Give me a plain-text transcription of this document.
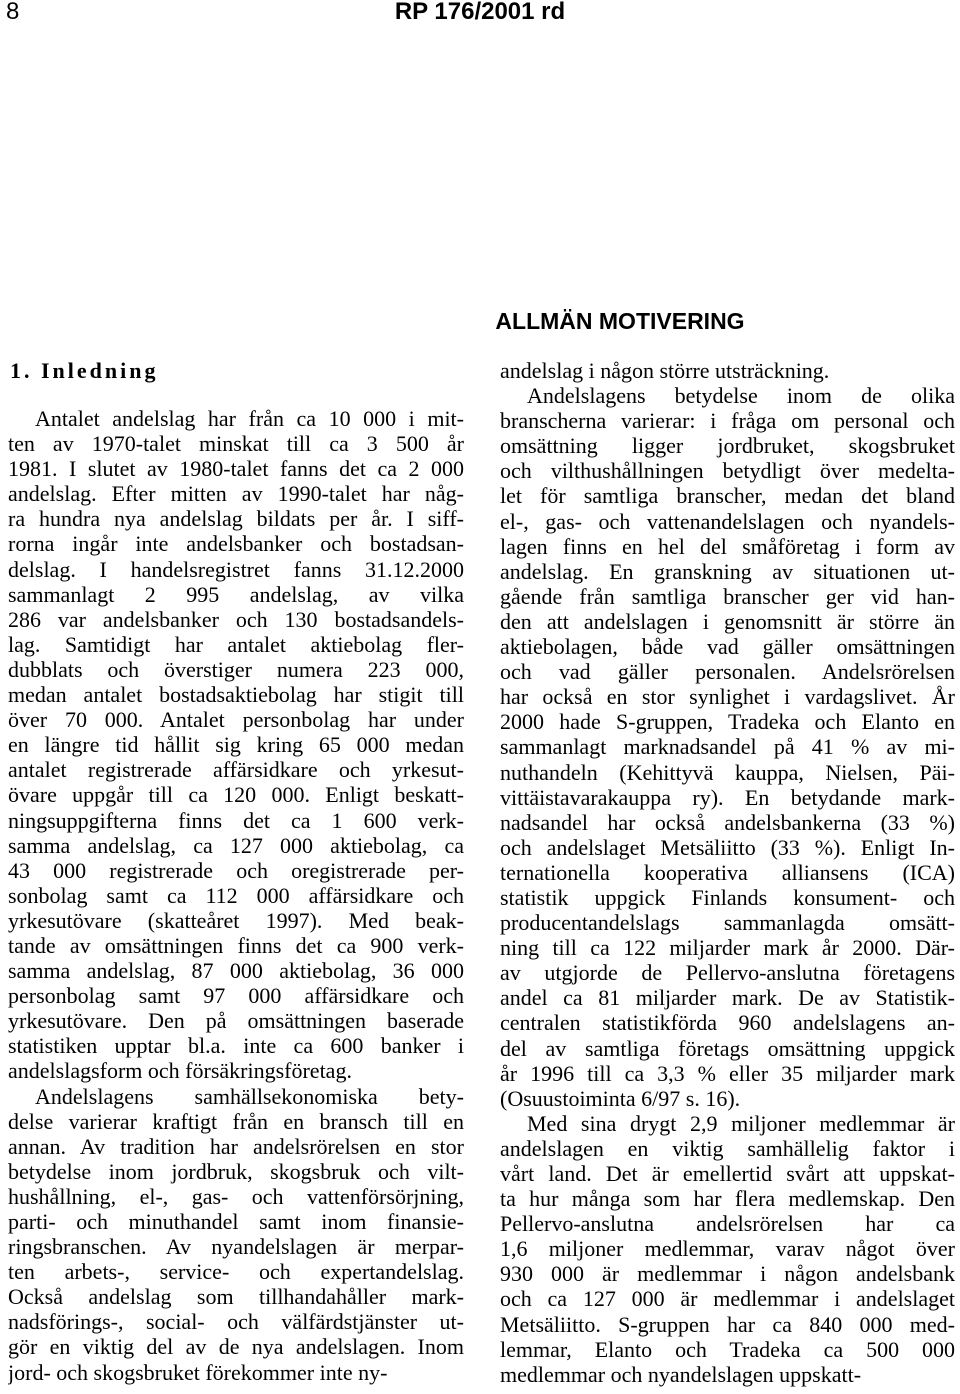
8	RP 176/2001 rd
ALLMÄN MOTIVERING
1. Inledning
Antalet andelslag har från ca 10 000 i mit-
ten av 1970-talet minskat till ca 3 500 år
1981. I slutet av 1980-talet fanns det ca 2 000
andelslag. Efter mitten av 1990-talet har någ-
ra hundra nya andelslag bildats per år. I siff-
rorna ingår inte andelsbanker och bostadsan-
delslag. I handelsregistret fanns 31.12.2000
sammanlagt 2 995 andelslag, av vilka
286 var andelsbanker och 130 bostadsandels-
lag. Samtidigt har antalet aktiebolag fler-
dubblats och överstiger numera 223 000,
medan antalet bostadsaktiebolag har stigit till
över 70 000. Antalet personbolag har under
en längre tid hållit sig kring 65 000 medan
antalet registrerade affärsidkare och yrkesut-
övare uppgår till ca 120 000. Enligt beskatt-
ningsuppgifterna finns det ca 1 600 verk-
samma andelslag, ca 127 000 aktiebolag, ca
43 000 registrerade och oregistrerade per-
sonbolag samt ca 112 000 affärsidkare och
yrkesutövare (skatteåret 1997). Med beak-
tande av omsättningen finns det ca 900 verk-
samma andelslag, 87 000 aktiebolag, 36 000
personbolag samt 97 000 affärsidkare och
yrkesutövare. Den på omsättningen baserade
statistiken upptar bl.a. inte ca 600 banker i
andelslagsform och försäkringsföretag.
Andelslagens samhällsekonomiska bety-
delse varierar kraftigt från en bransch till en
annan. Av tradition har andelsrörelsen en stor
betydelse inom jordbruk, skogsbruk och vilt-
hushållning, el-, gas- och vattenförsörjning,
parti- och minuthandel samt inom finansie-
ringsbranschen. Av nyandelslagen är merpar-
ten arbets-, service- och expertandelslag.
Också andelslag som tillhandahåller mark-
nadsförings-, social- och välfärdstjänster ut-
gör en viktig del av de nya andelslagen. Inom
jord- och skogsbruket förekommer inte ny-
andelslag i någon större utsträckning.
Andelslagens betydelse inom de olika
branscherna varierar: i fråga om personal och
omsättning ligger jordbruket, skogsbruket
och vilthushållningen betydligt över medelta-
let för samtliga branscher, medan det bland
el-, gas- och vattenandelslagen och nyandels-
lagen finns en hel del småföretag i form av
andelslag. En granskning av situationen ut-
gående från samtliga branscher ger vid han-
den att andelslagen i genomsnitt är större än
aktiebolagen, både vad gäller omsättningen
och vad gäller personalen. Andelsrörelsen
har också en stor synlighet i vardagslivet. År
2000 hade S-gruppen, Tradeka och Elanto en
sammanlagt marknadsandel på 41 % av mi-
nuthandeln (Kehittyvä kauppa, Nielsen, Päi-
vittäistavarakauppa ry). En betydande mark-
nadsandel har också andelsbankerna (33 %)
och andelslaget Metsäliitto (33 %). Enligt In-
ternationella kooperativa alliansens (ICA)
statistik uppgick Finlands konsument- och
producentandelslags sammanlagda omsätt-
ning till ca 122 miljarder mark år 2000. Där-
av utgjorde de Pellervo-anslutna företagens
andel ca 81 miljarder mark. De av Statistik-
centralen statistikförda 960 andelslagens an-
del av samtliga företags omsättning uppgick
år 1996 till ca 3,3 % eller 35 miljarder mark
(Osuustoiminta 6/97 s. 16).
Med sina drygt 2,9 miljoner medlemmar är
andelslagen en viktig samhällelig faktor i
vårt land. Det är emellertid svårt att uppskat-
ta hur många som har flera medlemskap. Den
Pellervo-anslutna andelsrörelsen har ca
1,6 miljoner medlemmar, varav något över
930 000 är medlemmar i någon andelsbank
och ca 127 000 är medlemmar i andelslaget
Metsäliitto. S-gruppen har ca 840 000 med-
lemmar, Elanto och Tradeka ca 500 000
medlemmar och nyandelslagen uppskatt-
